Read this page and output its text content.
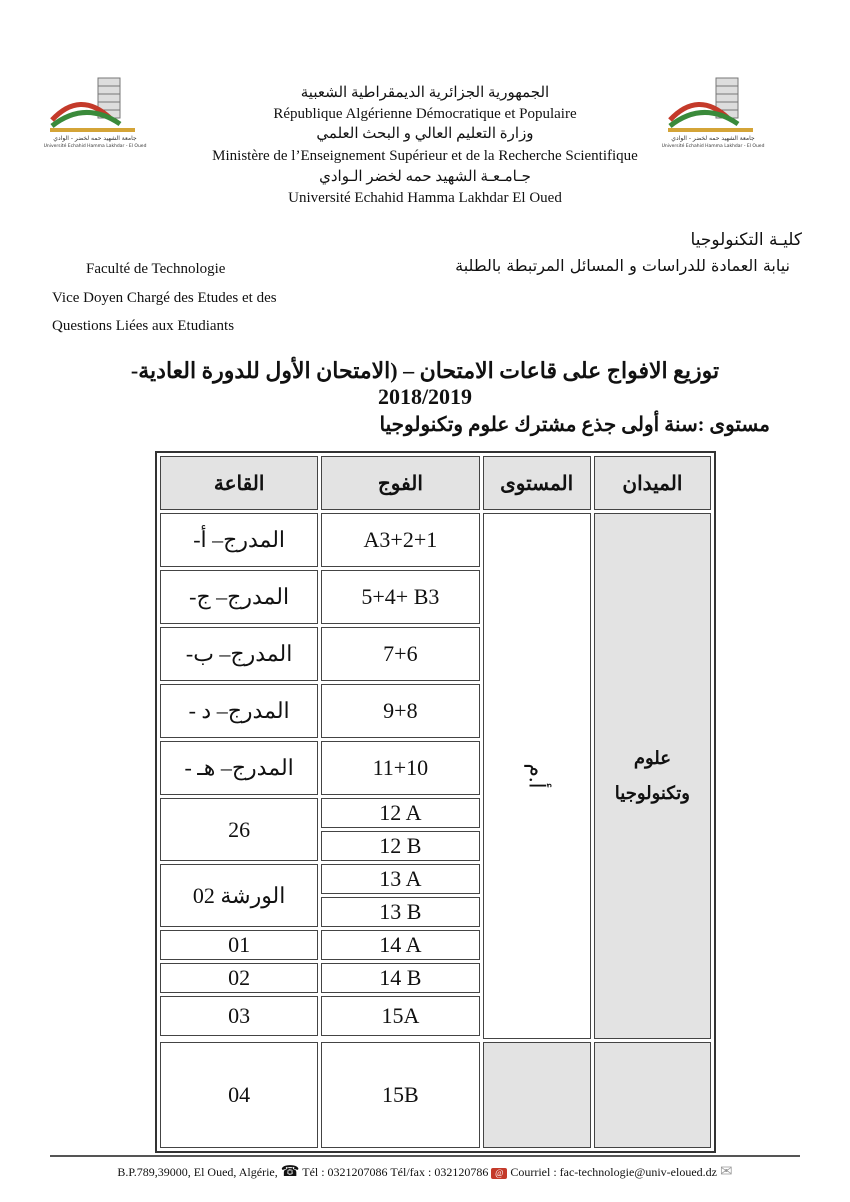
جامعة الشهيد حمه لخضر - الوادي
Université Echahid Hamma Lakhdar - El Oued
جامعة الشهيد حمه لخضر - الوادي
Université Echahid Hamma Lakhdar - El Oued
الجمهورية الجزائرية الديمقراطية الشعبية
République Algérienne Démocratique et Populaire
وزارة التعليم العالي و البحث العلمي
Ministère de l’Enseignement Supérieur et de la Recherche Scientifique
جـامـعـة الشهيد حمه لخضر الـوادي
Université Echahid Hamma Lakhdar El Oued
كليـة التكنولوجيا
نيابة العمادة للدراسات و المسائل المرتبطة بالطلبة
Faculté de Technologie
Vice Doyen Chargé des Etudes et des
Questions Liées aux Etudiants
توزيع الافواج على قاعات الامتحان – (الامتحان الأول للدورة العادية- 2018/2019
مستوى :سنة أولى جذع مشترك علوم وتكنولوجيا
القاعة	الفوج	المستوى	الميدان
المدرج– أ-	A3+2+1	أ.م	علوم
وتكنولوجيا

المدرج– ج-	5+4+ B3		
المدرج– ب-	7+6		
المدرج– د -	9+8		
المدرج– هـ -	11+10		
26	12 A		
	12 B		
الورشة 02	13 A		
	13 B		
01	14 A		
02	14 B		
03	15A		

04	15B		
B.P.789,39000, El Oued, Algérie, ☎ Tél : 0321207086 Tél/fax : 032120786 @ Courriel : fac-technologie@univ-eloued.dz ✉
